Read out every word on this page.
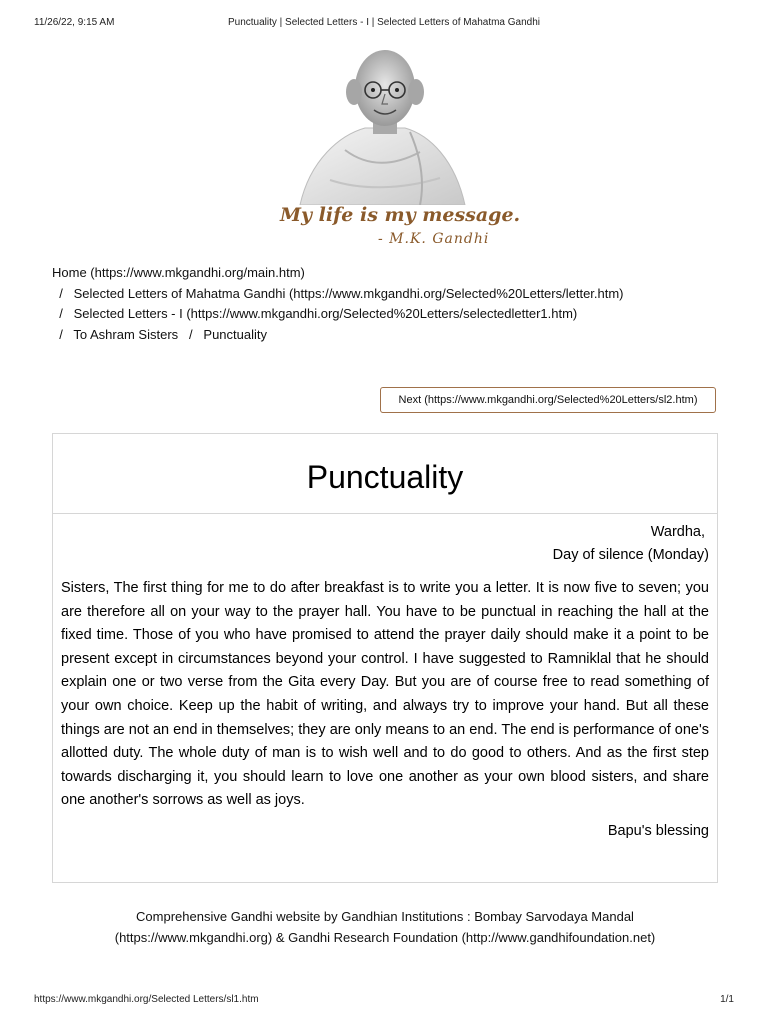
11/26/22, 9:15 AM	Punctuality | Selected Letters - I | Selected Letters of Mahatma Gandhi
My life is my message.
- M.K. Gandhi
Home (https://www.mkgandhi.org/main.htm)
/ Selected Letters of Mahatma Gandhi (https://www.mkgandhi.org/Selected%20Letters/letter.htm)
/ Selected Letters - I (https://www.mkgandhi.org/Selected%20Letters/selectedletter1.htm)
/ To Ashram Sisters / Punctuality
Next (https://www.mkgandhi.org/Selected%20Letters/sl2.htm)
Punctuality
Wardha,
Day of silence (Monday)

Sisters, The first thing for me to do after breakfast is to write you a letter. It is now five to seven; you are therefore all on your way to the prayer hall. You have to be punctual in reaching the hall at the fixed time. Those of you who have promised to attend the prayer daily should make it a point to be present except in circumstances beyond your control. I have suggested to Ramniklal that he should explain one or two verse from the Gita every Day. But you are of course free to read something of your own choice. Keep up the habit of writing, and always try to improve your hand. But all these things are not an end in themselves; they are only means to an end. The end is performance of one's allotted duty. The whole duty of man is to wish well and to do good to others. And as the first step towards discharging it, you should learn to love one another as your own blood sisters, and share one another's sorrows as well as joys.

Bapu's blessing
Comprehensive Gandhi website by Gandhian Institutions : Bombay Sarvodaya Mandal
(https://www.mkgandhi.org) & Gandhi Research Foundation (http://www.gandhifoundation.net)
https://www.mkgandhi.org/Selected Letters/sl1.htm	1/1
